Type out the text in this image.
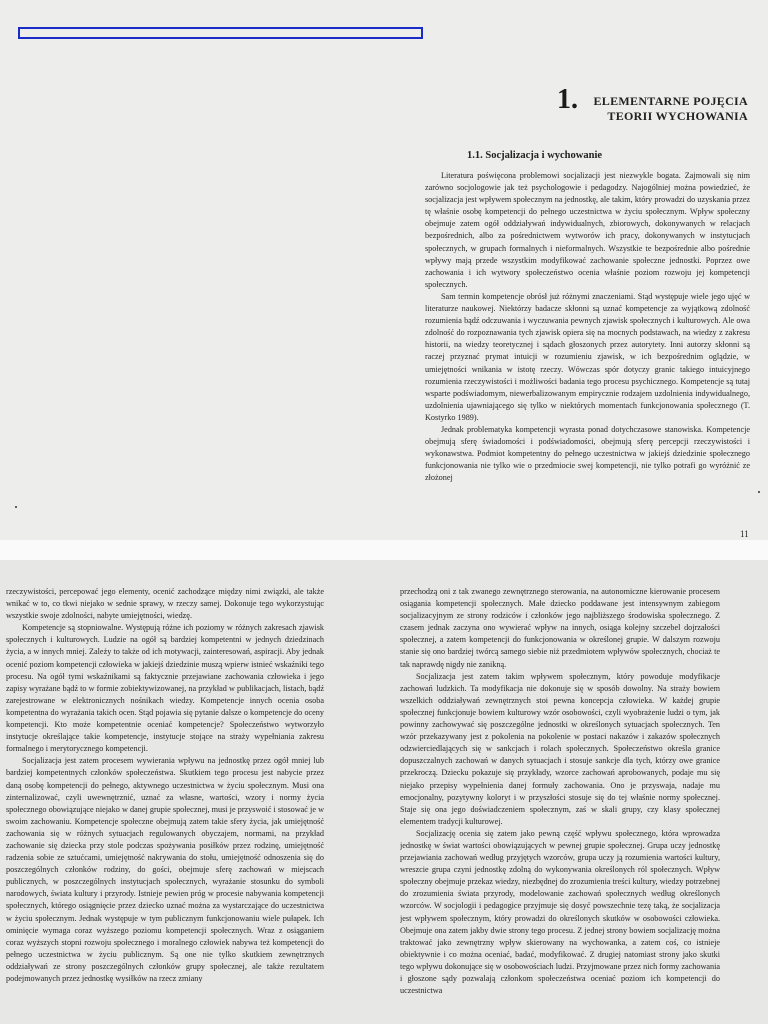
1.	ELEMENTARNE POJĘCIA
TEORII WYCHOWANIA
1.1. Socjalizacja i wychowanie

Literatura poświęcona problemowi socjalizacji jest niezwykle bogata. Zajmowali się nim zarówno socjologowie jak też psychologowie i pedagodzy. Najogólniej można powiedzieć, że socjalizacja jest wpływem społecznym na jednostkę, ale takim, który prowadzi do uzyskania przez tę właśnie osobę kompetencji do pełnego uczestnictwa w życiu społecznym. Wpływ społeczny obejmuje zatem ogół oddziaływań indywidualnych, zbiorowych, dokonywanych w relacjach bezpośrednich, albo za pośrednictwem wytworów ich pracy, dokonywanych w instytucjach społecznych, w grupach formalnych i nieformalnych. Wszystkie te bezpośrednie albo pośrednie wpływy mają przede wszystkim modyfikować zachowanie społeczne jednostki. Poprzez owe zachowania i ich wytwory społeczeństwo ocenia właśnie poziom rozwoju jej kompetencji społecznych.

Sam termin kompetencje obrósł już różnymi znaczeniami. Stąd występuje wiele jego ujęć w literaturze naukowej. Niektórzy badacze skłonni są uznać kompetencje za wyjątkową zdolność rozumienia bądź odczuwania i wyczuwania pewnych zjawisk społecznych i kulturowych. Ale owa zdolność do rozpoznawania tych zjawisk opiera się na mocnych podstawach, na wiedzy z zakresu historii, na wiedzy teoretycznej i sądach głoszonych przez autorytety. Inni autorzy skłonni są raczej przyznać prymat intuicji w rozumieniu zjawisk, w ich bezpośrednim oglądzie, w umiejętności wnikania w istotę rzeczy. Wówczas spór dotyczy granic takiego intuicyjnego rozumienia rzeczywistości i możliwości badania tego procesu psychicznego. Kompetencje są tutaj wsparte podświadomym, niewerbalizowanym empirycznie rodzajem uzdolnienia indywidualnego, uzdolnienia ujawniającego się tylko w niektórych momentach funkcjonowania społecznego (T. Kostyrko 1989).

Jednak problematyka kompetencji wyrasta ponad dotychczasowe stanowiska. Kompetencje obejmują sferę świadomości i podświadomości, obejmują sferę percepcji rzeczywistości i wykonawstwa. Podmiot kompetentny do pełnego uczestnictwa w jakiejś dziedzinie społecznego funkcjonowania nie tylko wie o przedmiocie swej kompetencji, nie tylko potrafi go wyróżnić ze złożonej

11

rzeczywistości, percepować jego elementy, ocenić zachodzące między nimi związki, ale także wnikać w to, co tkwi niejako w sednie sprawy, w rzeczy samej. Dokonuje tego wykorzystując wszystkie swoje zdolności, nabyte umiejętności, wiedzę.

Kompetencje są stopniowalne. Występują różne ich poziomy w różnych zakresach zjawisk społecznych i kulturowych. Ludzie na ogół są bardziej kompetentni w jednych dziedzinach życia, a w innych mniej. Zależy to także od ich motywacji, zainteresowań, aspiracji. Aby jednak ocenić poziom kompetencji człowieka w jakiejś dziedzinie muszą wpierw istnieć wskaźniki tego procesu. Na ogół tymi wskaźnikami są faktycznie przejawiane zachowania człowieka i jego zapisy wyrażane bądź to w formie zobiektywizowanej, na przykład w publikacjach, listach, bądź zarejestrowane w elektronicznych nośnikach wiedzy. Kompetencje innych ocenia osoba kompetentna do wyrażania takich ocen. Stąd pojawia się pytanie dalsze o kompetencje do oceny kompetencji. Kto może kompetentnie oceniać kompetencje? Społeczeństwo wytworzyło instytucje określające takie kompetencje, instytucje stojące na straży wypełniania zakresu formalnego i merytorycznego kompetencji.

Socjalizacja jest zatem procesem wywierania wpływu na jednostkę przez ogół mniej lub bardziej kompetentnych członków społeczeństwa. Skutkiem tego procesu jest nabycie przez daną osobę kompetencji do pełnego, aktywnego uczestnictwa w życiu społecznym. Musi ona zinternalizować, czyli uwewnętrznić, uznać za własne, wartości, wzory i normy życia społecznego obowiązujące niejako w danej grupie społecznej, musi je przyswoić i stosować je w swoim zachowaniu. Kompetencje społeczne obejmują zatem takie sfery życia, jak umiejętność zachowania się w różnych sytuacjach regulowanych obyczajem, normami, na przykład zachowanie się dziecka przy stole podczas spożywania posiłków przez rodzinę, umiejętność radzenia sobie ze sztućcami, umiejętność nakrywania do stołu, umiejętność odnoszenia się do poszczególnych członków rodziny, do gości, obejmuje sferę zachowań w miejscach publicznych, w poszczególnych instytucjach społecznych, wyrażanie stosunku do symboli narodowych, świata kultury i przyrody. Istnieje pewien próg w procesie nabywania kompetencji społecznych, którego osiągnięcie przez dziecko uznać można za wystarczające do uczestnictwa w życiu społecznym. Jednak występuje w tym publicznym funkcjonowaniu wiele pułapek. Ich ominięcie wymaga coraz wyższego poziomu kompetencji społecznych. Wraz z osiąganiem coraz wyższych stopni rozwoju społecznego i moralnego człowiek nabywa też kompetencji do pełnego uczestnictwa w życiu publicznym. Są one nie tylko skutkiem zewnętrznych oddziaływań ze strony poszczególnych członków grupy społecznej, ale także rezultatem podejmowanych przez jednostkę wysiłków na rzecz zmiany

przechodzą oni z tak zwanego zewnętrznego sterowania, na autonomiczne kierowanie procesem osiągania kompetencji społecznych. Małe dziecko poddawane jest intensywnym zabiegom socjalizacyjnym ze strony rodziców i członków jego najbliższego środowiska społecznego. Z czasem jednak zaczyna ono wywierać wpływ na innych, osiąga kolejny szczebel dojrzałości społecznej, a zatem kompetencji do funkcjonowania w określonej grupie. W dalszym rozwoju stanie się ono bardziej twórcą samego siebie niż przedmiotem wpływów społecznych, chociaż te tak naprawdę nigdy nie zanikną.

Socjalizacja jest zatem takim wpływem społecznym, który powoduje modyfikacje zachowań ludzkich. Ta modyfikacja nie dokonuje się w sposób dowolny. Na straży bowiem wszelkich oddziaływań zewnętrznych stoi pewna koncepcja człowieka. W każdej grupie społecznej funkcjonuje bowiem kulturowy wzór osobowości, czyli wyobrażenie ludzi o tym, jak powinny zachowywać się poszczególne jednostki w określonych sytuacjach społecznych. Ten wzór przekazywany jest z pokolenia na pokolenie w postaci nakazów i zakazów społecznych odzwierciedlających się w sankcjach i rolach społecznych. Społeczeństwo określa granice dopuszczalnych zachowań w danych sytuacjach i stosuje sankcje dla tych, którzy owe granice przekroczą. Dziecku pokazuje się przykłady, wzorce zachowań aprobowanych, podaje mu się niejako przepisy wypełnienia danej formuły zachowania. Ono je przyswaja, nadaje mu emocjonalny, pozytywny koloryt i w przyszłości stosuje się do tej właśnie normy społecznej. Staje się ona jego doświadczeniem społecznym, zaś w skali grupy, czy klasy społecznej elementem tradycji kulturowej.

Socjalizację ocenia się zatem jako pewną część wpływu społecznego, która wprowadza jednostkę w świat wartości obowiązujących w pewnej grupie społecznej. Grupa uczy jednostkę przejawiania zachowań według przyjętych wzorców, grupa uczy ją rozumienia wartości kultury, wreszcie grupa czyni jednostkę zdolną do wykonywania określonych ról społecznych. Wpływ społeczny obejmuje przekaz wiedzy, niezbędnej do zrozumienia treści kultury, wiedzy potrzebnej do zrozumienia świata przyrody, modelowanie zachowań społecznych według określonych wzorców. W socjologii i pedagogice przyjmuje się dosyć powszechnie tezę taką, że socjalizacja jest wpływem społecznym, który prowadzi do określonych skutków w osobowości człowieka. Obejmuje ona zatem jakby dwie strony tego procesu. Z jednej strony bowiem socjalizację można traktować jako zewnętrzny wpływ skierowany na wychowanka, a zatem coś, co istnieje obiektywnie i co można oceniać, badać, modyfikować. Z drugiej natomiast strony jako skutki tego wpływu dokonujące się w osobowościach ludzi. Przyjmowane przez nich formy zachowania i głoszone sądy pozwalają członkom społeczeństwa oceniać poziom ich kompetencji do uczestnictwa
